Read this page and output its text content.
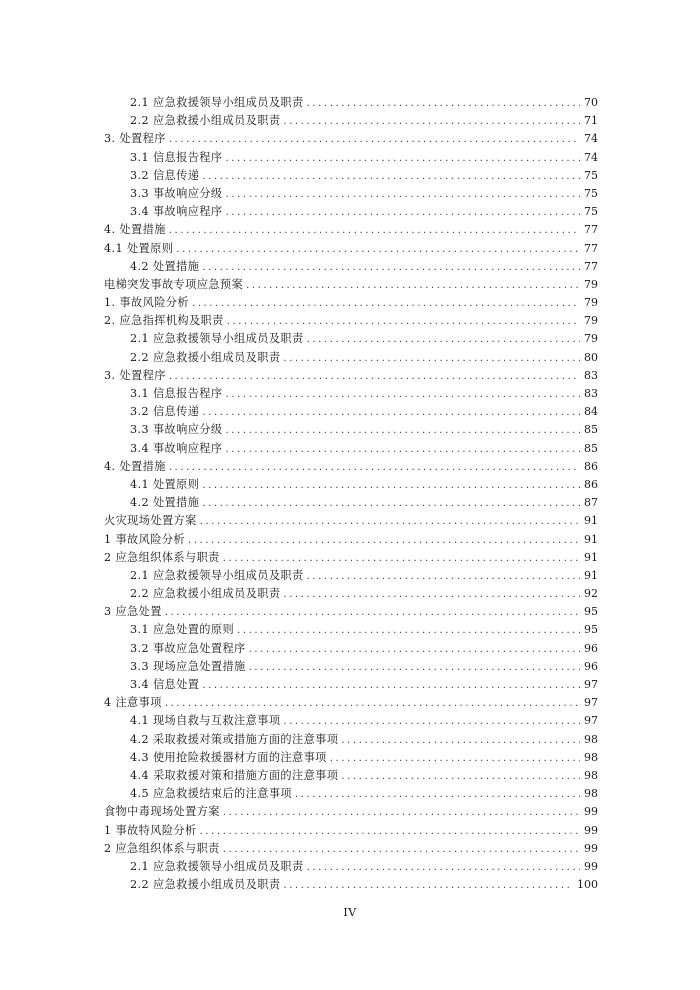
2.1 应急救援领导小组成员及职责 .....	70
2.2 应急救援小组成员及职责 .....	71
3. 处置程序 .....	74
3.1 信息报告程序 .....	74
3.2 信息传递 .....	75
3.3 事故响应分级 .....	75
3.4 事故响应程序 .....	75
4. 处置措施 .....	77
4.1 处置原则 .....	77
4.2 处置措施 .....	77
电梯突发事故专项应急预案 .....	79
1. 事故风险分析 .....	79
2. 应急指挥机构及职责 .....	79
2.1 应急救援领导小组成员及职责 .....	79
2.2 应急救援小组成员及职责 .....	80
3. 处置程序 .....	83
3.1 信息报告程序 .....	83
3.2 信息传递 .....	84
3.3 事故响应分级 .....	85
3.4 事故响应程序 .....	85
4. 处置措施 .....	86
4.1 处置原则 .....	86
4.2 处置措施 .....	87
火灾现场处置方案 .....	91
1 事故风险分析 .....	91
2 应急组织体系与职责 .....	91
2.1 应急救援领导小组成员及职责 .....	91
2.2 应急救援小组成员及职责 .....	92
3 应急处置 .....	95
3.1 应急处置的原则 .....	95
3.2 事故应急处置程序 .....	96
3.3 现场应急处置措施 .....	96
3.4 信息处置 .....	97
4 注意事项 .....	97
4.1 现场自救与互救注意事项 .....	97
4.2 采取救援对策或措施方面的注意事项 .....	98
4.3 使用抢险救援器材方面的注意事项 .....	98
4.4 采取救援对策和措施方面的注意事项 .....	98
4.5 应急救援结束后的注意事项 .....	98
食物中毒现场处置方案 .....	99
1 事故特风险分析 .....	99
2 应急组织体系与职责 .....	99
2.1 应急救援领导小组成员及职责 .....	99
2.2 应急救援小组成员及职责 .....	100
IV
